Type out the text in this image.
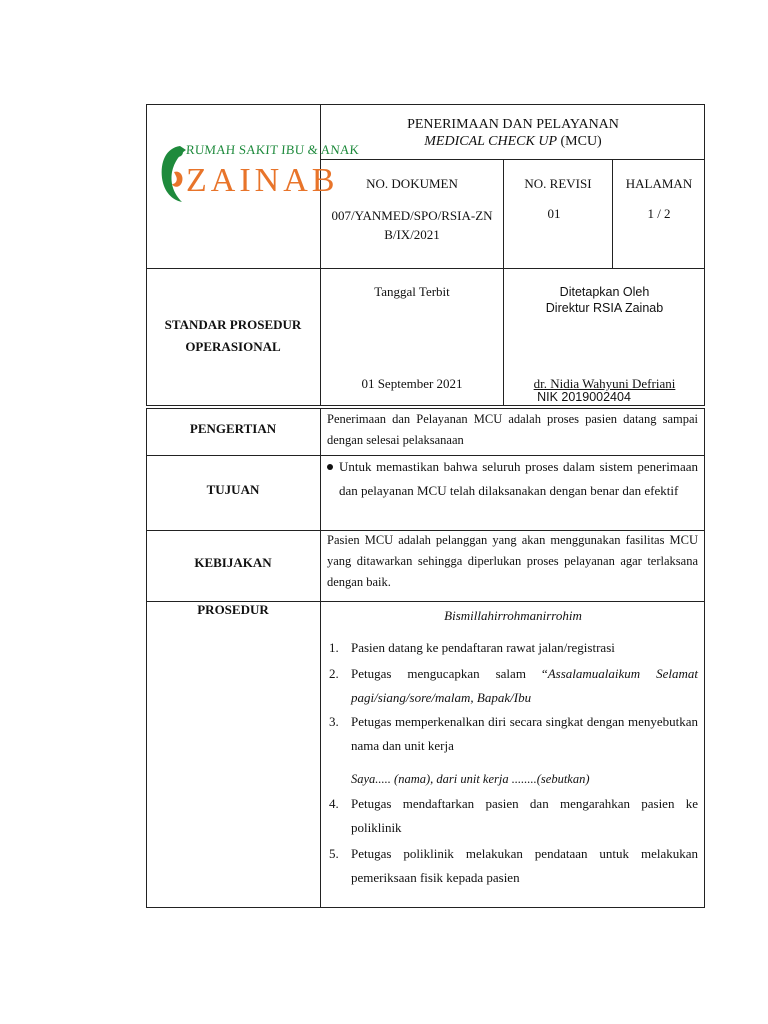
RUMAH SAKIT IBU & ANAK
ZAINAB
PENERIMAAN DAN PELAYANAN
MEDICAL CHECK UP (MCU)
NO. DOKUMEN
007/YANMED/SPO/RSIA-ZNB/IX/2021
NO. REVISI
01
HALAMAN
1 / 2
STANDAR PROSEDUR
OPERASIONAL
Tanggal Terbit
01 September 2021
Ditetapkan Oleh
Direktur RSIA Zainab
dr. Nidia Wahyuni Defriani
NIK 2019002404
PENGERTIAN
Penerimaan dan Pelayanan MCU adalah proses pasien datang sampai dengan selesai pelaksanaan
TUJUAN
Untuk memastikan bahwa seluruh proses dalam sistem penerimaan dan pelayanan MCU telah dilaksanakan dengan benar dan efektif
KEBIJAKAN
Pasien MCU adalah pelanggan yang akan menggunakan fasilitas MCU yang ditawarkan sehingga diperlukan proses pelayanan agar terlaksana dengan baik.
PROSEDUR	Bismillahirrohmanirrohim
1. Pasien datang ke pendaftaran rawat jalan/registrasi
2. Petugas mengucapkan salam “Assalamualaikum Selamat pagi/siang/sore/malam, Bapak/Ibu
3. Petugas memperkenalkan diri secara singkat dengan menyebutkan nama dan unit kerja
Saya..... (nama), dari unit kerja ........(sebutkan)
4. Petugas mendaftarkan pasien dan mengarahkan pasien ke poliklinik
5. Petugas poliklinik melakukan pendataan untuk melakukan pemeriksaan fisik kepada pasien
